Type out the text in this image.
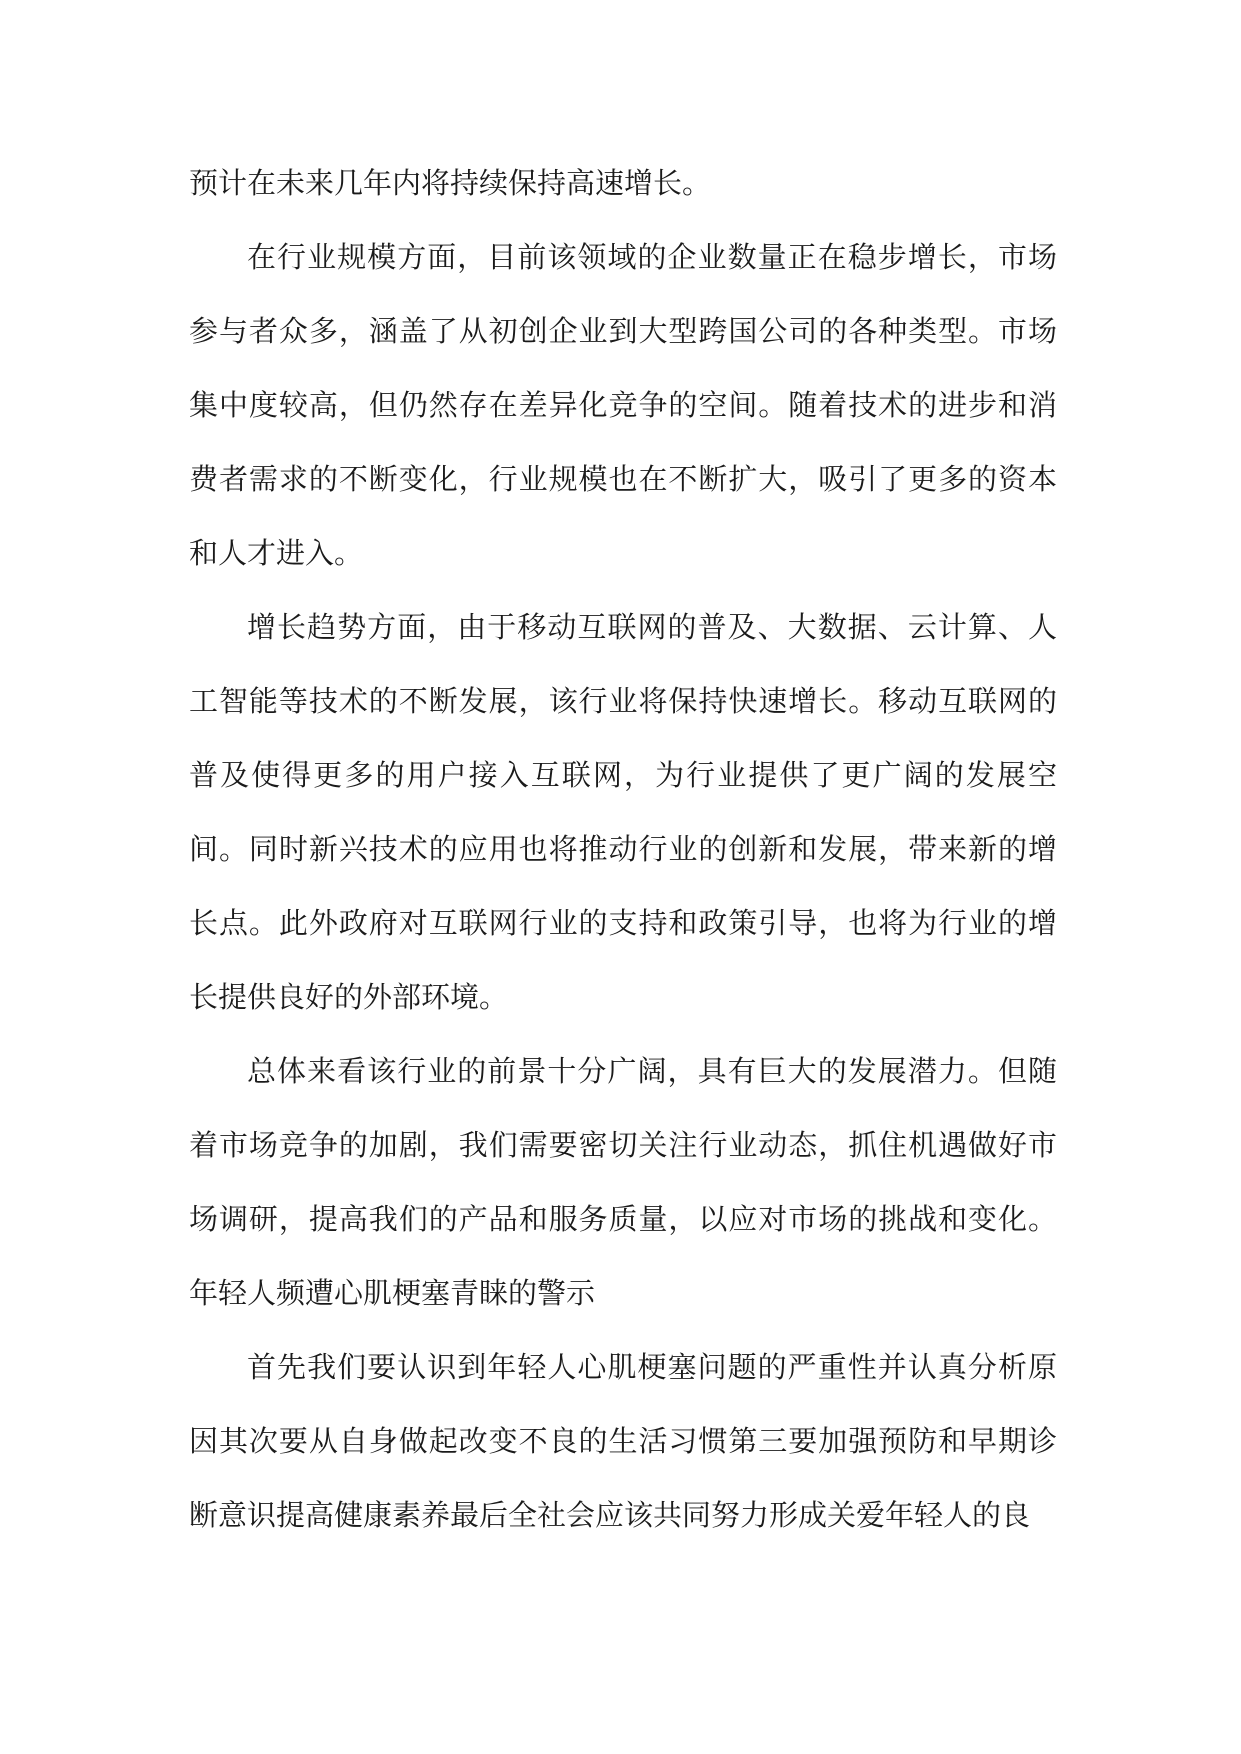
预计在未来几年内将持续保持高速增长。

在行业规模方面，目前该领域的企业数量正在稳步增长，市场参与者众多，涵盖了从初创企业到大型跨国公司的各种类型。市场集中度较高，但仍然存在差异化竞争的空间。随着技术的进步和消费者需求的不断变化，行业规模也在不断扩大，吸引了更多的资本和人才进入。

增长趋势方面，由于移动互联网的普及、大数据、云计算、人工智能等技术的不断发展，该行业将保持快速增长。移动互联网的普及使得更多的用户接入互联网，为行业提供了更广阔的发展空间。同时新兴技术的应用也将推动行业的创新和发展，带来新的增长点。此外政府对互联网行业的支持和政策引导，也将为行业的增长提供良好的外部环境。

总体来看该行业的前景十分广阔，具有巨大的发展潜力。但随着市场竞争的加剧，我们需要密切关注行业动态，抓住机遇做好市场调研，提高我们的产品和服务质量，以应对市场的挑战和变化。年轻人频遭心肌梗塞青睐的警示

首先我们要认识到年轻人心肌梗塞问题的严重性并认真分析原因其次要从自身做起改变不良的生活习惯第三要加强预防和早期诊断意识提高健康素养最后全社会应该共同努力形成关爱年轻人的良
